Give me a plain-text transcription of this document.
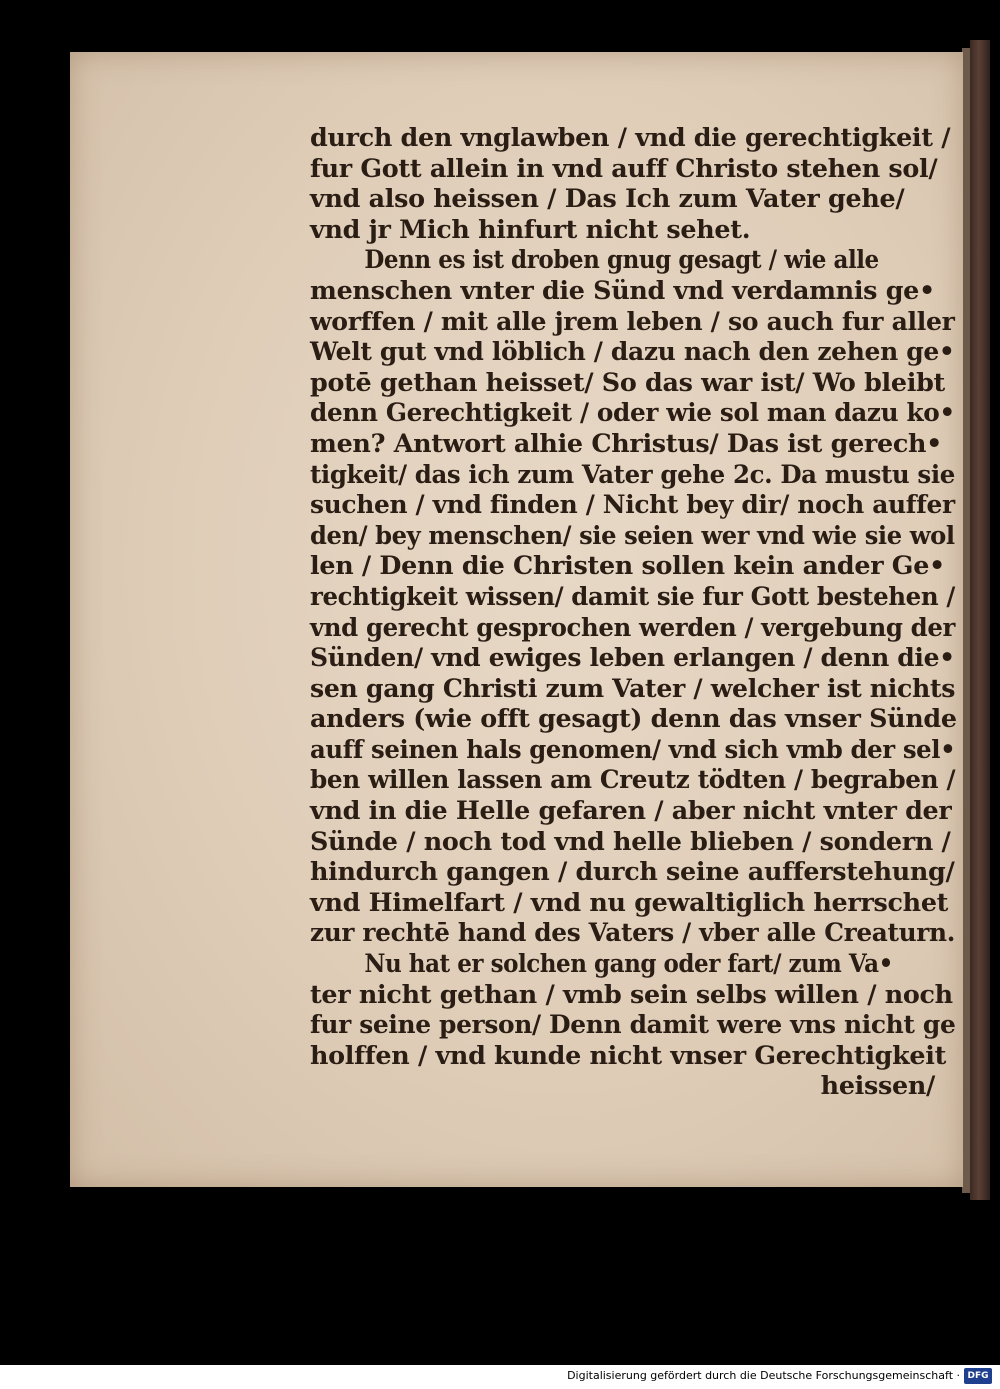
durch den vnglawben / vnd die gerechtigkeit /
fur Gott allein in vnd auff Christo stehen sol/
vnd also heissen / Das Ich zum Vater gehe/
vnd jr Mich hinfurt nicht sehet.
Denn es ist droben gnug gesagt / wie alle
menschen vnter die Sünd vnd verdamnis ge•
worffen / mit alle jrem leben / so auch fur aller
Welt gut vnd löblich / dazu nach den zehen ge•
potē gethan heisset/ So das war ist/ Wo bleibt
denn Gerechtigkeit / oder wie sol man dazu ko•
men? Antwort alhie Christus/ Das ist gerech•
tigkeit/ das ich zum Vater gehe 2c. Da mustu sie
suchen / vnd finden / Nicht bey dir/ noch auffer
den/ bey menschen/ sie seien wer vnd wie sie wol
len / Denn die Christen sollen kein ander Ge•
rechtigkeit wissen/ damit sie fur Gott bestehen /
vnd gerecht gesprochen werden / vergebung der
Sünden/ vnd ewiges leben erlangen / denn die•
sen gang Christi zum Vater / welcher ist nichts
anders (wie offt gesagt) denn das vnser Sünde
auff seinen hals genomen/ vnd sich vmb der sel•
ben willen lassen am Creutz tödten / begraben /
vnd in die Helle gefaren / aber nicht vnter der
Sünde / noch tod vnd helle blieben / sondern /
hindurch gangen / durch seine aufferstehung/
vnd Himelfart / vnd nu gewaltiglich herrschet
zur rechtē hand des Vaters / vber alle Creaturn.
Nu hat er solchen gang oder fart/ zum Va•
ter nicht gethan / vmb sein selbs willen / noch
fur seine person/ Denn damit were vns nicht ge
holffen / vnd kunde nicht vnser Gerechtigkeit
heissen/
Digitalisierung gefördert durch die Deutsche Forschungsgemeinschaft · DFG
